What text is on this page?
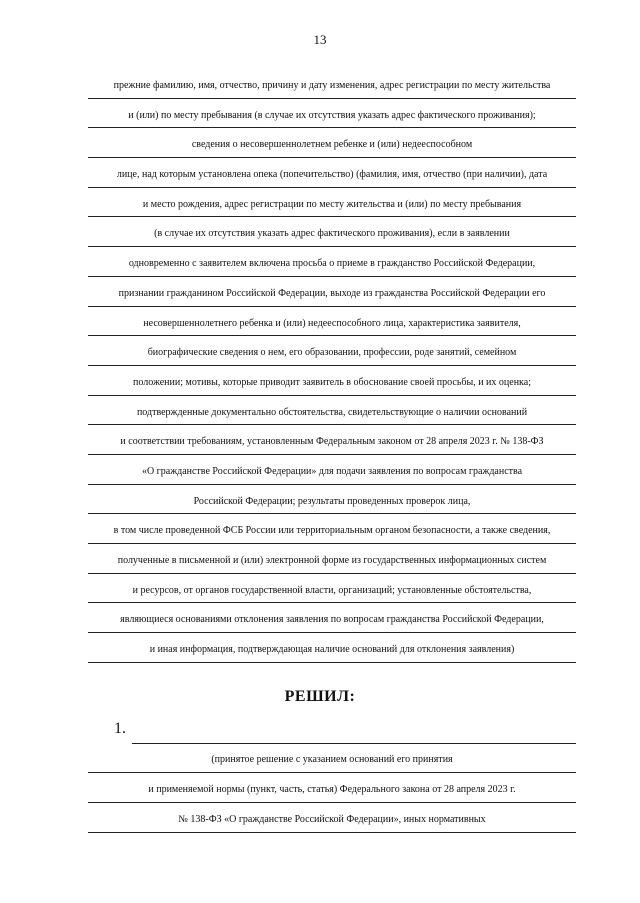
13
прежние фамилию, имя, отчество, причину и дату изменения, адрес регистрации по месту жительства
и (или) по месту пребывания (в случае их отсутствия указать адрес фактического проживания);
сведения о несовершеннолетнем ребенке и (или) недееспособном
лице, над которым установлена опека (попечительство) (фамилия, имя, отчество (при наличии), дата
и место рождения, адрес регистрации по месту жительства и (или) по месту пребывания
(в случае их отсутствия указать адрес фактического проживания), если в заявлении
одновременно с заявителем включена просьба о приеме в гражданство Российской Федерации,
признании гражданином Российской Федерации, выходе из гражданства Российской Федерации его
несовершеннолетнего ребенка и (или) недееспособного лица, характеристика заявителя,
биографические сведения о нем, его образовании, профессии, роде занятий, семейном
положении; мотивы, которые приводит заявитель в обоснование своей просьбы, и их оценка;
подтвержденные документально обстоятельства, свидетельствующие о наличии оснований
и соответствии требованиям, установленным Федеральным законом от 28 апреля 2023 г. № 138-ФЗ
«О гражданстве Российской Федерации» для подачи заявления по вопросам гражданства
Российской Федерации; результаты проведенных проверок лица,
в том числе проведенной ФСБ России или территориальным органом безопасности, а также сведения,
полученные в письменной и (или) электронной форме из государственных информационных систем
и ресурсов, от органов государственной власти, организаций; установленные обстоятельства,
являющиеся основаниями отклонения заявления по вопросам гражданства Российской Федерации,
и иная информация, подтверждающая наличие оснований для отклонения заявления)
РЕШИЛ:
1.
(принятое решение с указанием оснований его принятия
и применяемой нормы (пункт, часть, статья) Федерального закона от 28 апреля 2023 г.
№ 138-ФЗ «О гражданстве Российской Федерации», иных нормативных
